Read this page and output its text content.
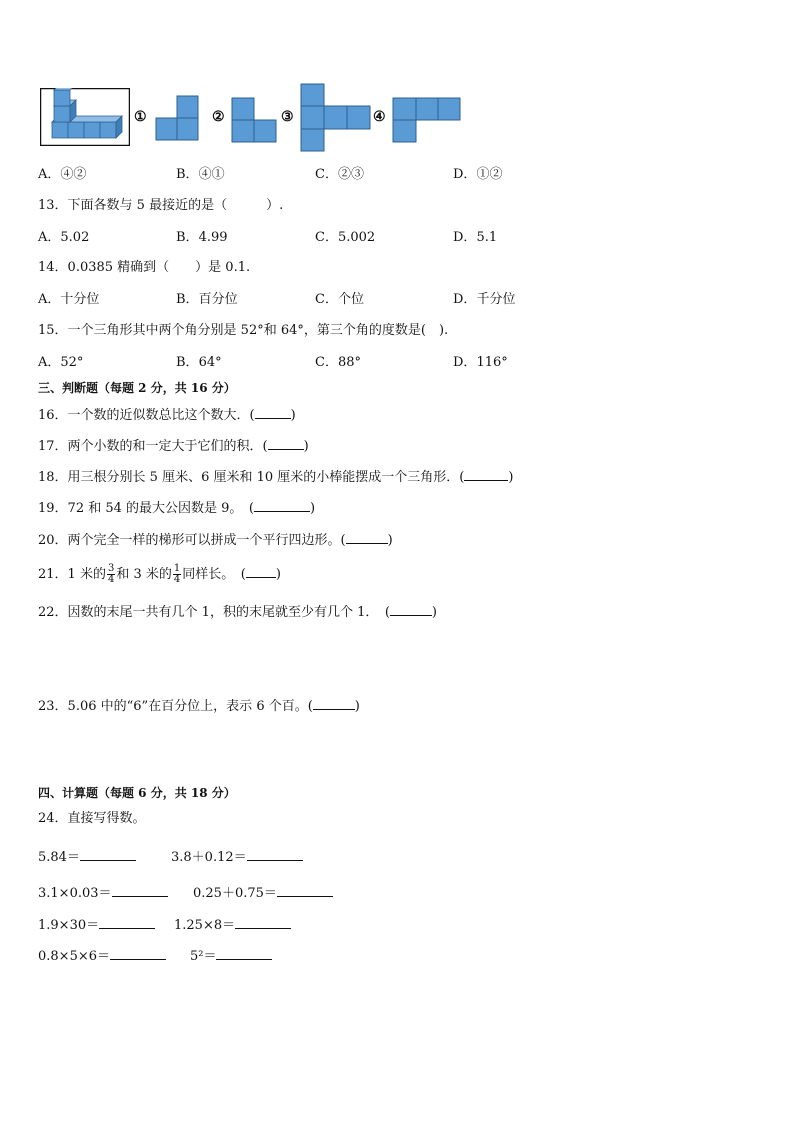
①	②	③	④
A．④②	B．④①	C．②③	D．①②
13．下面各数与 5 最接近的是（　　　）.
A．5.02	B．4.99	C．5.002	D．5.1
14．0.0385 精确到（　　）是 0.1.
A．十分位	B．百分位	C．个位	D．千分位
15．一个三角形其中两个角分别是 52°和 64°，第三个角的度数是(　).
A．52°	B．64°	C．88°	D．116°
三、判断题（每题 2 分，共 16 分）
16．一个数的近似数总比这个数大．(	)
17．两个小数的和一定大于它们的积．(	)
18．用三根分别长 5 厘米、6 厘米和 10 厘米的小棒能摆成一个三角形．(	)
19．72 和 54 的最大公因数是 9。　(	)
20．两个完全一样的梯形可以拼成一个平行四边形。(	)
21．1 米的 $\frac{3}{4}$ 和 3 米的 $\frac{1}{4}$ 同样长。　( )
22．因数的末尾一共有几个 1，积的末尾就至少有几个 1．　(	)
23．5.06 中的“6”在百分位上，表示 6 个百。(	)
四、计算题（每题 6 分，共 18 分）
24．直接写得数。
5.84＝	3.8＋0.12＝
3.1×0.03＝	0.25＋0.75＝
1.9×30＝	1.25×8＝
0.8×5×6＝	5²＝
